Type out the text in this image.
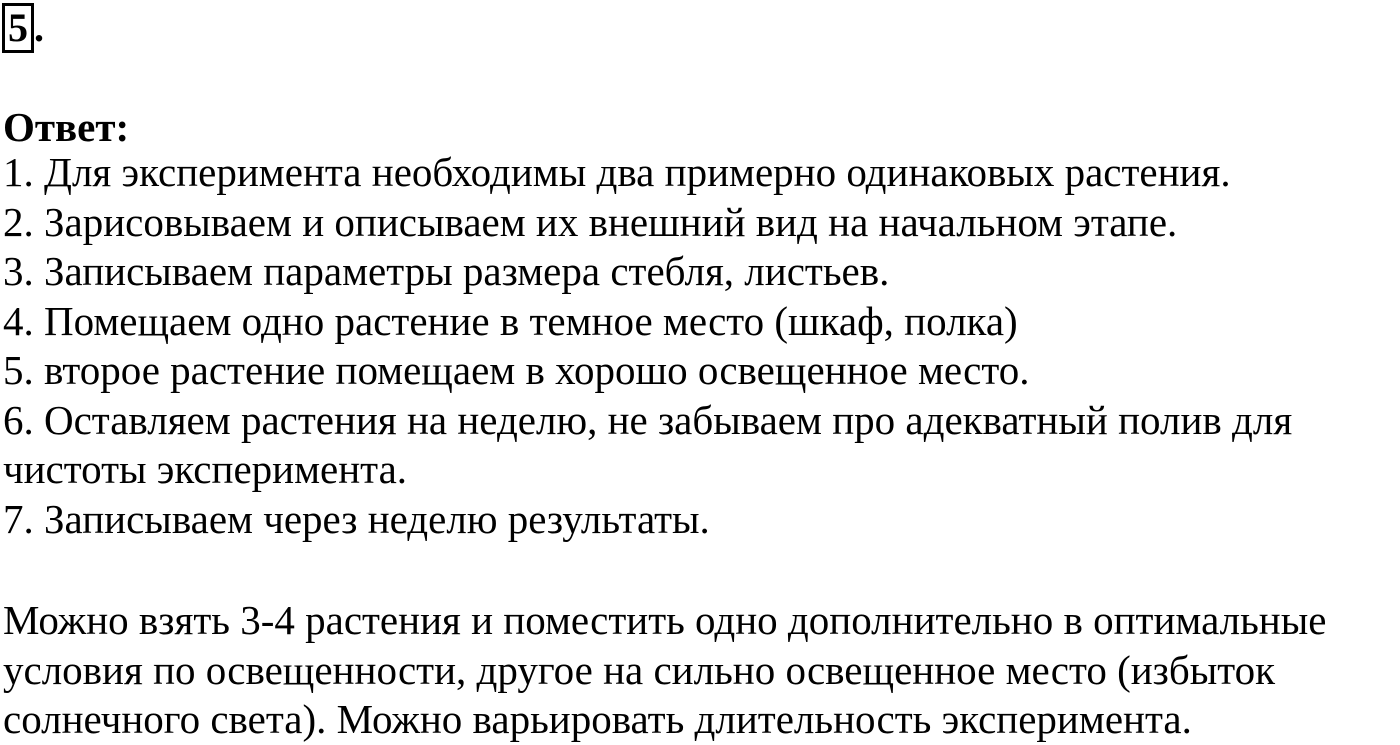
5 .
Ответ:
1. Для эксперимента необходимы два примерно одинаковых растения.
2. Зарисовываем и описываем их внешний вид на начальном этапе.
3. Записываем параметры размера стебля, листьев.
4. Помещаем одно растение в темное место (шкаф, полка)
5. второе растение помещаем в хорошо освещенное место.
6. Оставляем растения на неделю, не забываем про адекватный полив для
чистоты эксперимента.
7. Записываем через неделю результаты.

Можно взять 3-4 растения и поместить одно дополнительно в оптимальные
условия по освещенности, другое на сильно освещенное место (избыток
солнечного света). Можно варьировать длительность эксперимента.
